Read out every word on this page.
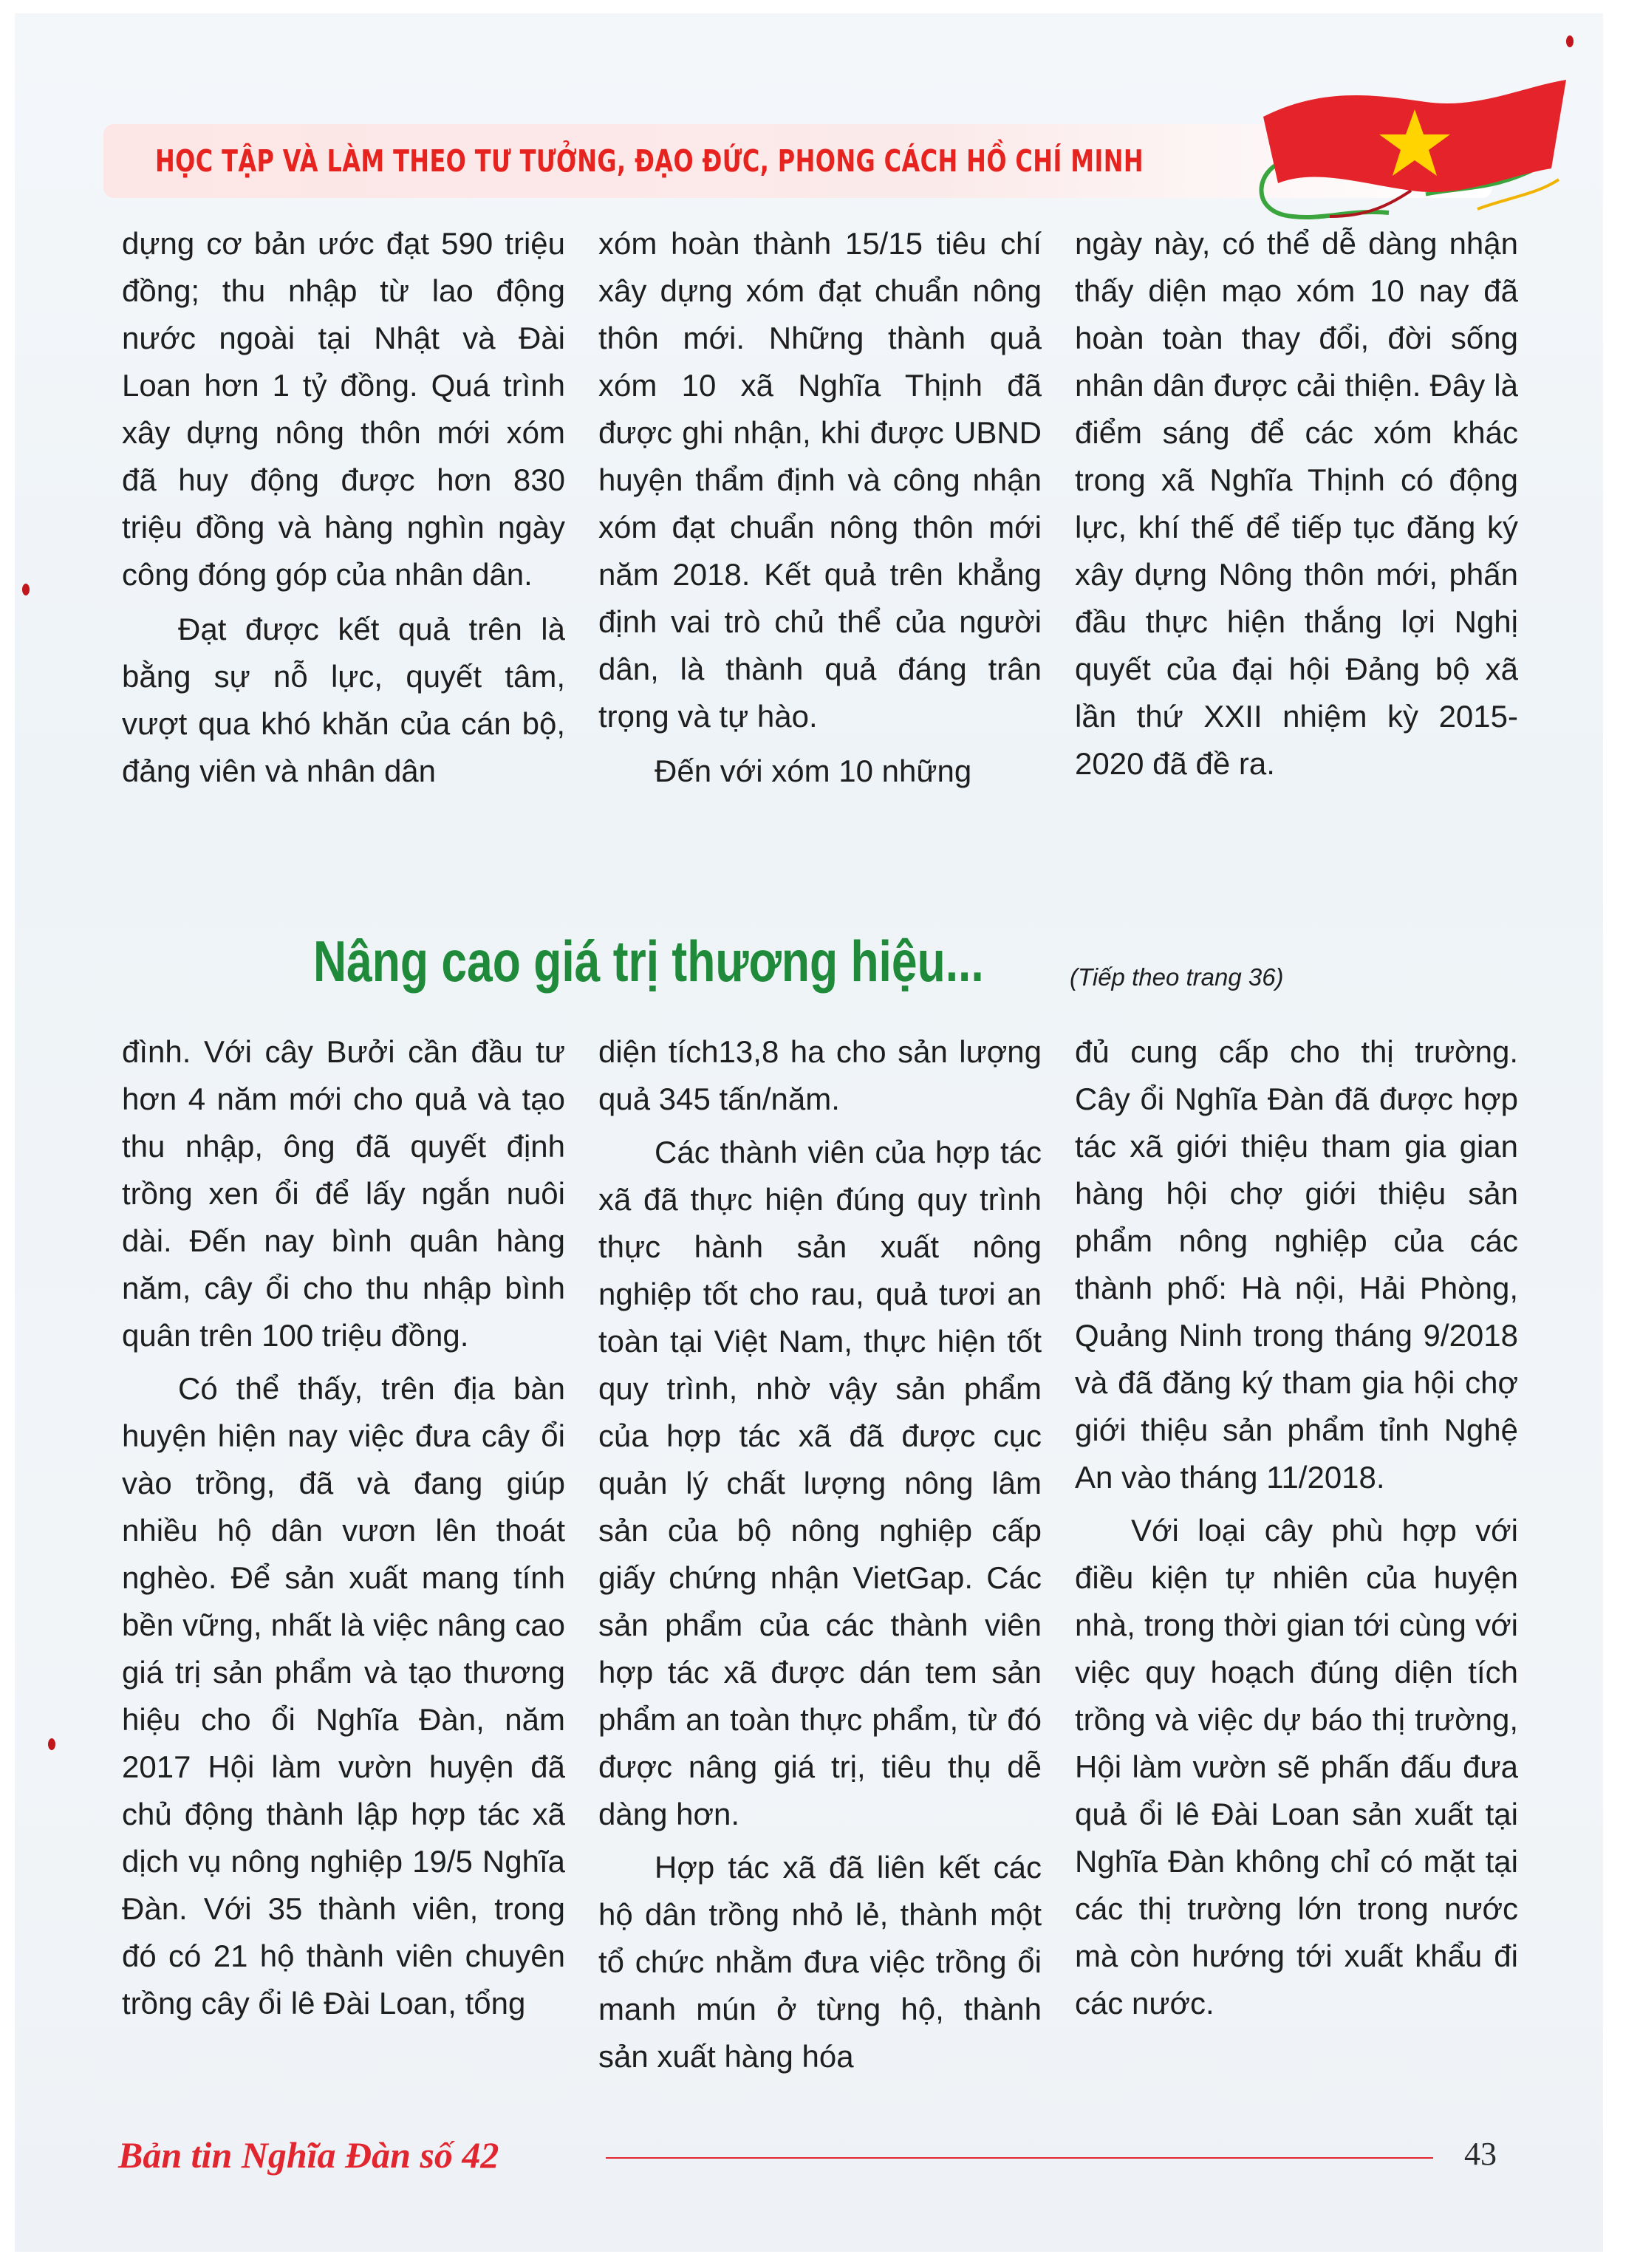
HỌC TẬP VÀ LÀM THEO TƯ TƯỞNG, ĐẠO ĐỨC, PHONG CÁCH HỒ CHÍ MINH

dựng cơ bản ước đạt 590 triệu đồng; thu nhập từ lao động nước ngoài tại Nhật và Đài Loan hơn 1 tỷ đồng. Quá trình xây dựng nông thôn mới xóm đã huy động được hơn 830 triệu đồng và hàng nghìn ngày công đóng góp của nhân dân.

Đạt được kết quả trên là bằng sự nỗ lực, quyết tâm, vượt qua khó khăn của cán bộ, đảng viên và nhân dân

xóm hoàn thành 15/15 tiêu chí xây dựng xóm đạt chuẩn nông thôn mới. Những thành quả xóm 10 xã Nghĩa Thịnh đã được ghi nhận, khi được UBND huyện thẩm định và công nhận xóm đạt chuẩn nông thôn mới năm 2018. Kết quả trên khẳng định vai trò chủ thể của người dân, là thành quả đáng trân trọng và tự hào.

Đến với xóm 10 những

ngày này, có thể dễ dàng nhận thấy diện mạo xóm 10 nay đã hoàn toàn thay đổi, đời sống nhân dân được cải thiện. Đây là điểm sáng để các xóm khác trong xã Nghĩa Thịnh có động lực, khí thế để tiếp tục đăng ký xây dựng Nông thôn mới, phấn đầu thực hiện thắng lợi Nghị quyết của đại hội Đảng bộ xã lần thứ XXII nhiệm kỳ 2015-2020 đã đề ra.

Nâng cao giá trị thương hiệu...	(Tiếp theo trang 36)

đình. Với cây Bưởi cần đầu tư hơn 4 năm mới cho quả và tạo thu nhập, ông đã quyết định trồng xen ổi để lấy ngắn nuôi dài. Đến nay bình quân hàng năm, cây ổi cho thu nhập bình quân trên 100 triệu đồng.

Có thể thấy, trên địa bàn huyện hiện nay việc đưa cây ổi vào trồng, đã và đang giúp nhiều hộ dân vươn lên thoát nghèo. Để sản xuất mang tính bền vững, nhất là việc nâng cao giá trị sản phẩm và tạo thương hiệu cho ổi Nghĩa Đàn, năm 2017 Hội làm vườn huyện đã chủ động thành lập hợp tác xã dịch vụ nông nghiệp 19/5 Nghĩa Đàn. Với 35 thành viên, trong đó có 21 hộ thành viên chuyên trồng cây ổi lê Đài Loan, tổng

diện tích13,8 ha cho sản lượng quả 345 tấn/năm.

Các thành viên của hợp tác xã đã thực hiện đúng quy trình thực hành sản xuất nông nghiệp tốt cho rau, quả tươi an toàn tại Việt Nam, thực hiện tốt quy trình, nhờ vậy sản phẩm của hợp tác xã đã được cục quản lý chất lượng nông lâm sản của bộ nông nghiệp cấp giấy chứng nhận VietGap. Các sản phẩm của các thành viên hợp tác xã được dán tem sản phẩm an toàn thực phẩm, từ đó được nâng giá trị, tiêu thụ dễ dàng hơn.

Hợp tác xã đã liên kết các hộ dân trồng nhỏ lẻ, thành một tổ chức nhằm đưa việc trồng ổi manh mún ở từng hộ, thành sản xuất hàng hóa

đủ cung cấp cho thị trường. Cây ổi Nghĩa Đàn đã được hợp tác xã giới thiệu tham gia gian hàng hội chợ giới thiệu sản phẩm nông nghiệp của các thành phố: Hà nội, Hải Phòng, Quảng Ninh trong tháng 9/2018 và đã đăng ký tham gia hội chợ giới thiệu sản phẩm tỉnh Nghệ An vào tháng 11/2018.

Với loại cây phù hợp với điều kiện tự nhiên của huyện nhà, trong thời gian tới cùng với việc quy hoạch đúng diện tích trồng và việc dự báo thị trường, Hội làm vườn sẽ phấn đấu đưa quả ổi lê Đài Loan sản xuất tại Nghĩa Đàn không chỉ có mặt tại các thị trường lớn trong nước mà còn hướng tới xuất khẩu đi các nước.

Bản tin Nghĩa Đàn số 42	43
